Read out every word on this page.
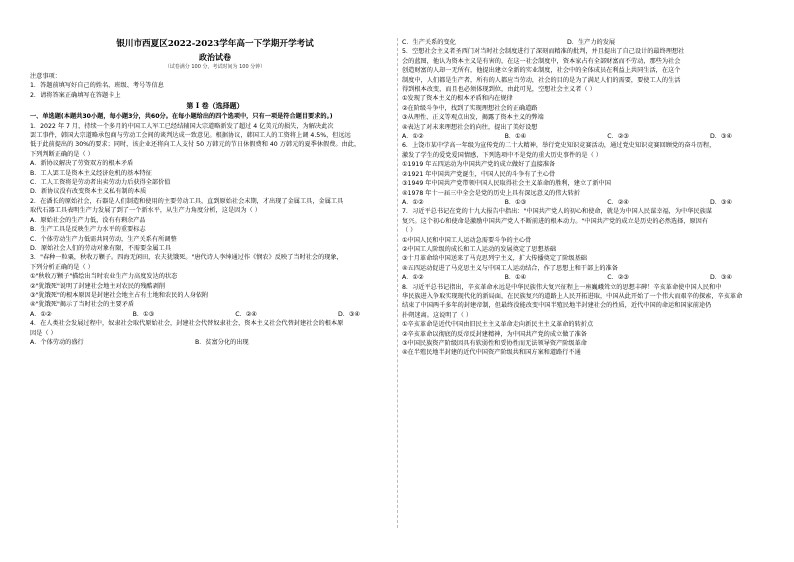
银川市西夏区2022-2023学年高一下学期开学考试
政治试卷
（试卷满分 100 分，考试时间为 100 分钟）
注意事项：
1．答题前填写好自己的姓名、班级、考号等信息
2．请将答案正确填写在答题卡上
第 I 卷（选择题）
一、单选题(本题共30小题，每小题3分，共60分。在每小题给出的四个选项中，只有一项是符合题目要求的。)
1．2022 年 7 月，持续一个多月的中国工人军工已经结辅国大宗道略新发了超过 4 亿美元的损失，为解决此次
罢工事件，韩国大宗道略承包商与劳动工会间的谈判达成一致意见。根据协议，韩国工人的工资将上调 4.5%，但远远
低于此前提出的 30%的要求；同时，该企业还将向工人支付 50 万韩元的节日休假费和 40 万韩元的夏季休假费。由此，
下列判断正确的是（ ）
A．新协议解决了劳资双方的根本矛盾
B．工人罢工是资本主义经济危机的基本特征
C．工人工资将是劳动者出卖劳动力后获得全部价值
D．新协议没有改变资本主义私有制的本质
2．在潘长的原始社会，石器是人们制造和使用的主要劳动工具，直到原始社会末期，才出现了金属工具，金属工具
取代石器工具表明生产力发展了到了一个新水平，从生产力角度分析，这是因为（ ）
A．原始社会的生产力低，没有有剩余产品
B．生产工具是反映生产力水平的重要标志
C．个体劳动生产力低需共同劳动，生产关系有所调整
D．原始社会人们的劳动对象有限，不需要金属工具
3．"春种一粒粟，秋收万颗子。四海无闲田，农夫犹饿死。"唐代诗人李绅通过作《悯农》反映了当时社会的现象，
下列分析正确的是（ ）
①"秋收万颗子"描绘出当时农业生产力高度发达的状态
②"犹饿死"说明了封建社会地主对农民的残酷剥削
③"犹饿死"的根本原因是封建社会地主占有土地和农民的人身依附
④"犹饿死"揭示了当时社会的主要矛盾
A．①②	B．①③	C．②④	D．③④
4．在人类社会发展过程中，奴隶社会取代原始社会，封建社会代替奴隶社会，资本主义社会代替封建社会的根本原
因是（ ）
A．个体劳动的盛行	B．贫富分化的出现
C．生产关系的变化	D．生产力的发展
5．空想社会主义者圣西门对当时社会制度进行了深刻而精准的批判，并且提出了自己设计的最终理想社
会的蓝图，他认为资本主义是有害的，在这一社会制度中，资本家占有全部财富而不劳动，那些为社会
创造财富的人却一无所有，他提出建立全新的实业制度，社会中的全体成员在利益上共同生活，在这个
制度中，人们都是生产者，所有的人都应当劳动，社会的目的是为了满足人们的需要，要使工人的生活
得到根本改变，而且也必须体现到位，由此可见，空想社会主义者（ ）
①发现了资本主义的根本矛盾和内在规律
②在阶级斗争中，找到了实现理想社会的正确道路
③从理性、正义等观点出发，揭露了资本主义的弊端
④表达了对未来理想社会的向往，提出了美好设想
A．①②	B．①④	C．②③	D．③④
6．上饶市某中学高一年级为宣传党的二十大精神，举行党史知识竞赛活动，通过党史知识竞赛回顾党的奋斗历程，
激发了学生的爱党爱国情感，下列选项中不是党的重大历史事件的是（ ）
①1919 年五四运动为中国共产党的成立做好了直接准备
②1921 年中国共产党诞生，中国人民的斗争有了主心骨
③1949 年中国共产党带领中国人民取得社会主义革命的胜利，建立了新中国
④1978 年十一届三中全会是党的历史上具有深远意义的伟大转折
A．①②	B．①③	C．②④	D．③④
7．习近平总书记在党的十九大报告中指出："中国共产党人的初心和使命，就是为中国人民谋幸福，为中华民族谋
复兴。这个初心和使命是激励中国共产党人不断前进的根本动力。"中国共产党的成立是历史的必然选择，原因有
（ ）
①中国人民和中国工人运动急需要斗争的主心骨
②中国工人阶级的成长和工人运动的发展奠定了思想基础
③十月革命给中国送来了马克思列宁主义，扩大传播奠定了阶级基础
④五四运动促进了马克思主义与中国工人运动结合，作了思想上和干部上的准备
A．①②	B．①④	C．②③	D．③④
8．习近平总书记指出，辛亥革命永远是中华民族伟大复兴征程上一座巍峨耸立的思想丰碑！辛亥革命使中国人民和中
华民族进入争取实现现代化的新局面，在民族复兴的道路上人民开拓进取，中国从此开始了一个伟大而艰辛的探索，辛亥革命
结束了中国两千多年的封建帝制，但最终没能改变中国半殖民地半封建社会的性质，近代中国的命运和国家前途仍
扑朔迷离。这说明了（ ）
①辛亥革命是近代中国由旧民主主义革命走向新民主主义革命的转折点
②辛亥革命以彻底的反帝反封建精神，为中国共产党的成立做了准备
③中国民族资产阶级因具有软弱性和妥协性而无法领导资产阶级革命
④在半殖民地半封建的近代中国资产阶级共和国方案和道路行不通
